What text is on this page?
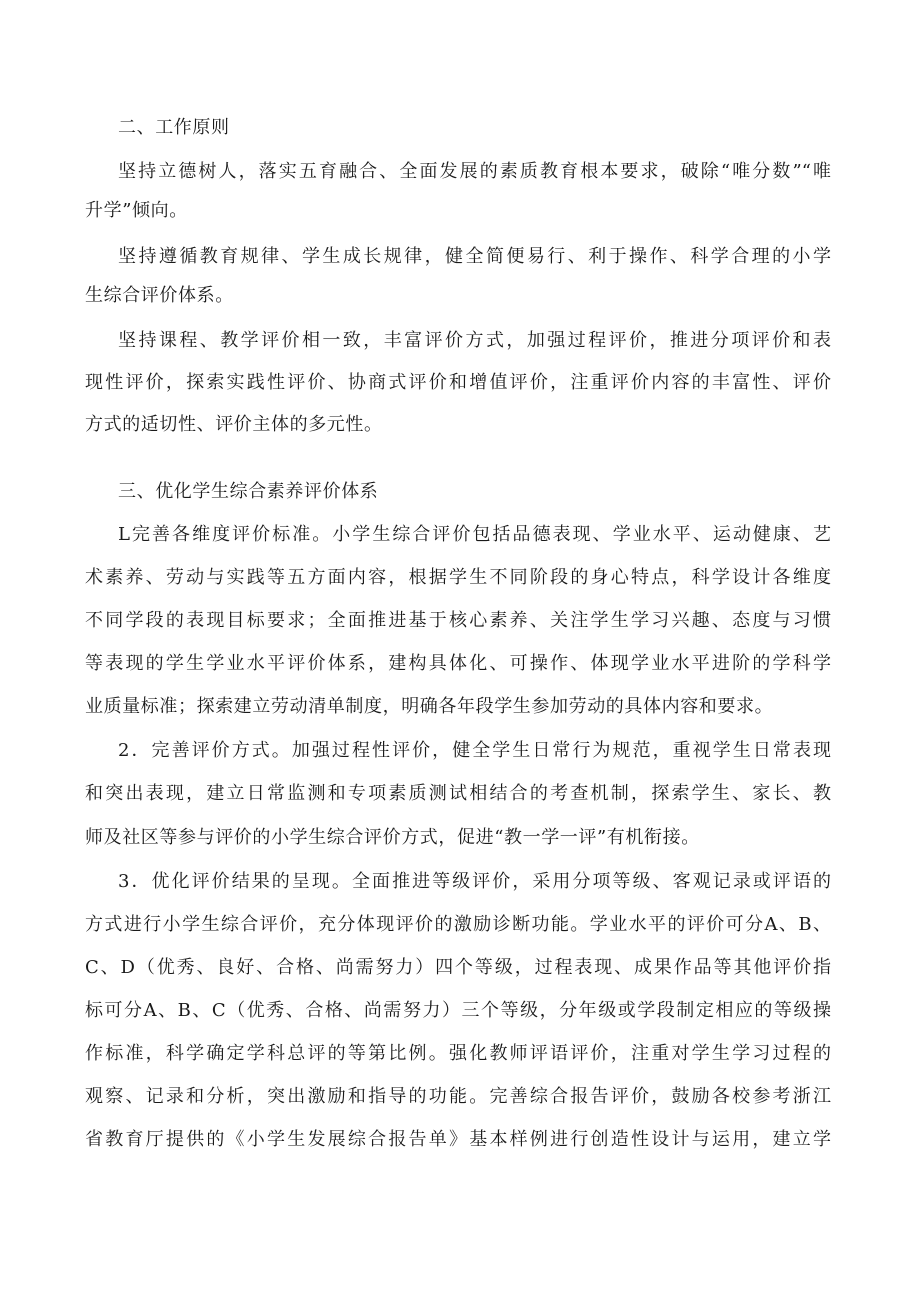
二、工作原则
坚持立德树人，落实五育融合、全面发展的素质教育根本要求，破除“唯分数”“唯
升学”倾向。
坚持遵循教育规律、学生成长规律，健全简便易行、利于操作、科学合理的小学
生综合评价体系。
坚持课程、教学评价相一致，丰富评价方式，加强过程评价，推进分项评价和表
现性评价，探索实践性评价、协商式评价和增值评价，注重评价内容的丰富性、评价
方式的适切性、评价主体的多元性。
三、优化学生综合素养评价体系
L完善各维度评价标准。小学生综合评价包括品德表现、学业水平、运动健康、艺
术素养、劳动与实践等五方面内容，根据学生不同阶段的身心特点，科学设计各维度
不同学段的表现目标要求；全面推进基于核心素养、关注学生学习兴趣、态度与习惯
等表现的学生学业水平评价体系，建构具体化、可操作、体现学业水平进阶的学科学
业质量标准；探索建立劳动清单制度，明确各年段学生参加劳动的具体内容和要求。
2．完善评价方式。加强过程性评价，健全学生日常行为规范，重视学生日常表现
和突出表现，建立日常监测和专项素质测试相结合的考查机制，探索学生、家长、教
师及社区等参与评价的小学生综合评价方式，促进“教一学一评”有机衔接。
3．优化评价结果的呈现。全面推进等级评价，采用分项等级、客观记录或评语的
方式进行小学生综合评价，充分体现评价的激励诊断功能。学业水平的评价可分A、B、
C、D（优秀、良好、合格、尚需努力）四个等级，过程表现、成果作品等其他评价指
标可分A、B、C（优秀、合格、尚需努力）三个等级，分年级或学段制定相应的等级操
作标准，科学确定学科总评的等第比例。强化教师评语评价，注重对学生学习过程的
观察、记录和分析，突出激励和指导的功能。完善综合报告评价，鼓励各校参考浙江
省教育厅提供的《小学生发展综合报告单》基本样例进行创造性设计与运用，建立学
